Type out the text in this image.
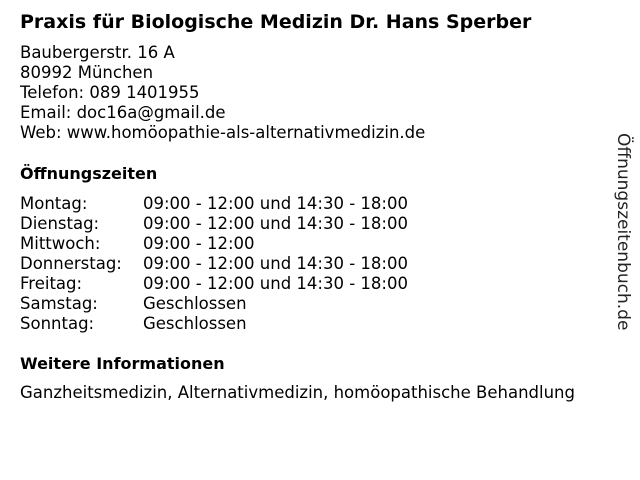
Praxis für Biologische Medizin Dr. Hans Sperber
Baubergerstr. 16 A
80992 München
Telefon: 089 1401955
Email: doc16a@gmail.de
Web: www.homöopathie-als-alternativmedizin.de
Öffnungszeiten
Montag:	09:00 - 12:00 und 14:30 - 18:00
Dienstag:	09:00 - 12:00 und 14:30 - 18:00
Mittwoch:	09:00 - 12:00
Donnerstag:	09:00 - 12:00 und 14:30 - 18:00
Freitag:	09:00 - 12:00 und 14:30 - 18:00
Samstag:	Geschlossen
Sonntag:	Geschlossen
Weitere Informationen
Ganzheitsmedizin, Alternativmedizin, homöopathische Behandlung
Öffnungszeitenbuch.de
